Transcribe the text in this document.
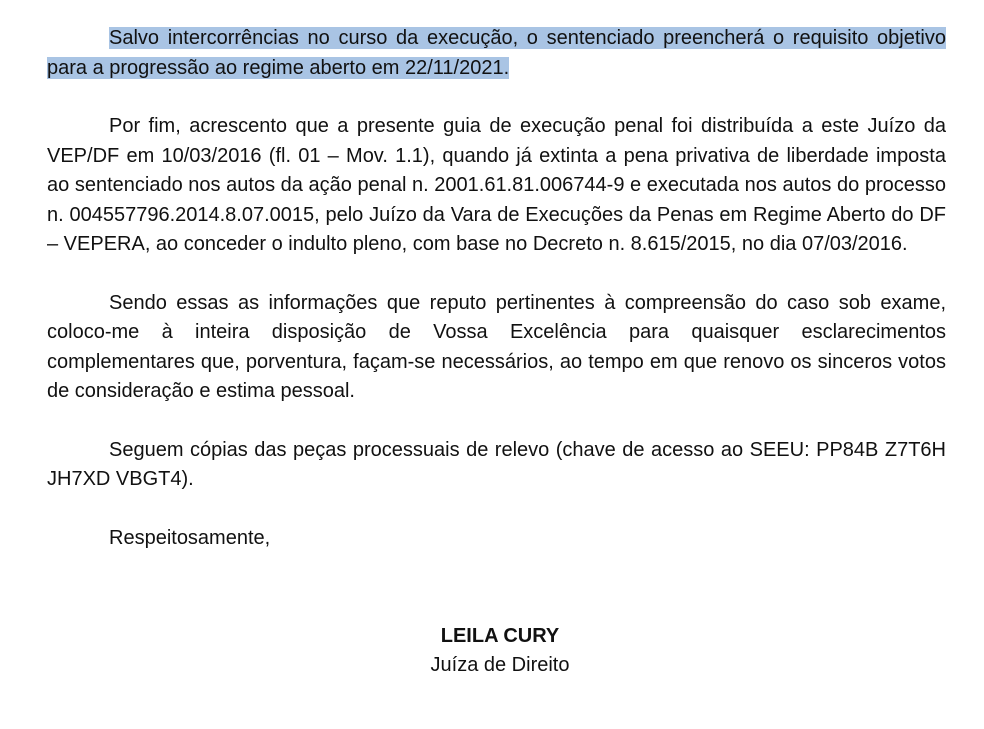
Salvo intercorrências no curso da execução, o sentenciado preencherá o requisito objetivo para a progressão ao regime aberto em 22/11/2021.

Por fim, acrescento que a presente guia de execução penal foi distribuída a este Juízo da VEP/DF em 10/03/2016 (fl. 01 – Mov. 1.1), quando já extinta a pena privativa de liberdade imposta ao sentenciado nos autos da ação penal n. 2001.61.81.006744-9 e executada nos autos do processo n. 004557796.2014.8.07.0015, pelo Juízo da Vara de Execuções da Penas em Regime Aberto do DF – VEPERA, ao conceder o indulto pleno, com base no Decreto n. 8.615/2015, no dia 07/03/2016.

Sendo essas as informações que reputo pertinentes à compreensão do caso sob exame, coloco-me à inteira disposição de Vossa Excelência para quaisquer esclarecimentos complementares que, porventura, façam-se necessários, ao tempo em que renovo os sinceros votos de consideração e estima pessoal.

Seguem cópias das peças processuais de relevo (chave de acesso ao SEEU: PP84B Z7T6H JH7XD VBGT4).

Respeitosamente,

LEILA CURY

Juíza de Direito
